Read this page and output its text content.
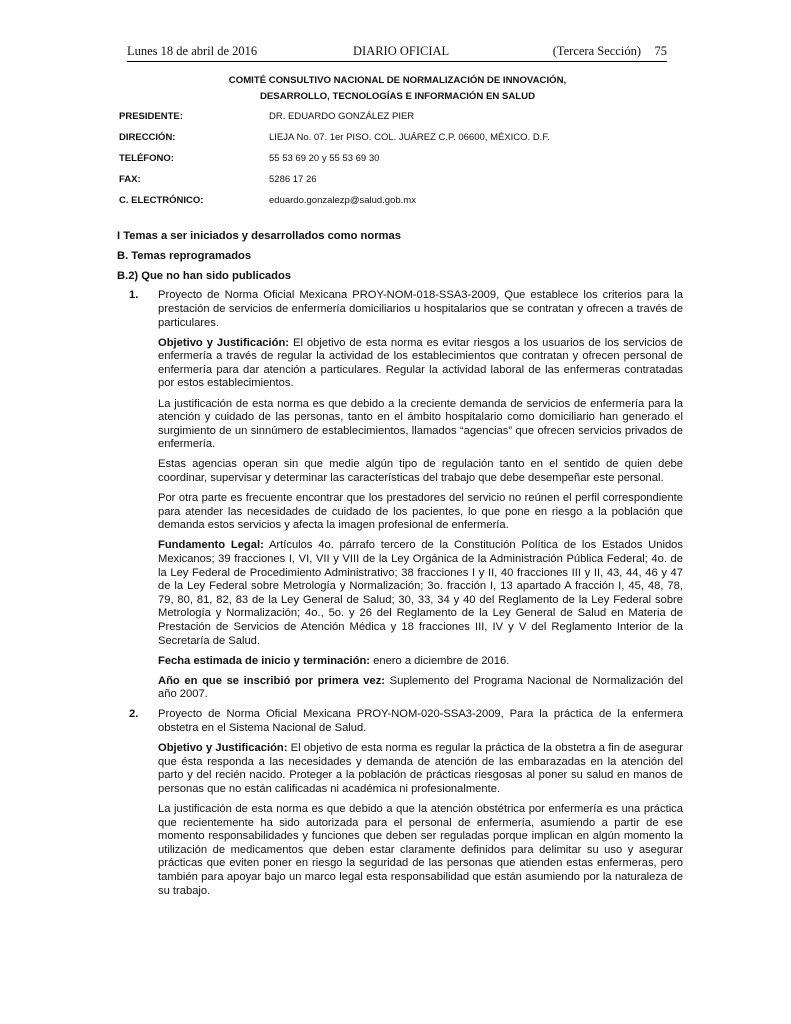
Lunes 18 de abril de 2016	DIARIO OFICIAL	(Tercera Sección) 75
COMITÉ CONSULTIVO NACIONAL DE NORMALIZACIÓN DE INNOVACIÓN,
DESARROLLO, TECNOLOGÍAS E INFORMACIÓN EN SALUD
PRESIDENTE:	DR. EDUARDO GONZÁLEZ PIER
DIRECCIÓN:	LIEJA No. 07. 1er PISO. COL. JUÁREZ C.P. 06600, MÉXICO. D.F.
TELÉFONO:	55 53 69 20 y 55 53 69 30
FAX:	5286 17 26
C. ELECTRÓNICO:	eduardo.gonzalezp@salud.gob.mx
I Temas a ser iniciados y desarrollados como normas
B. Temas reprogramados
B.2) Que no han sido publicados
1. Proyecto de Norma Oficial Mexicana PROY-NOM-018-SSA3-2009, Que establece los criterios para la prestación de servicios de enfermería domiciliarios u hospitalarios que se contratan y ofrecen a través de particulares.

Objetivo y Justificación: El objetivo de esta norma es evitar riesgos a los usuarios de los servicios de enfermería a través de regular la actividad de los establecimientos que contratan y ofrecen personal de enfermería para dar atención a particulares. Regular la actividad laboral de las enfermeras contratadas por estos establecimientos.

La justificación de esta norma es que debido a la creciente demanda de servicios de enfermería para la atención y cuidado de las personas, tanto en el ámbito hospitalario como domiciliario han generado el surgimiento de un sinnúmero de establecimientos, llamados “agencias” que ofrecen servicios privados de enfermería.

Estas agencias operan sin que medie algún tipo de regulación tanto en el sentido de quien debe coordinar, supervisar y determinar las características del trabajo que debe desempeñar este personal.

Por otra parte es frecuente encontrar que los prestadores del servicio no reúnen el perfil correspondiente para atender las necesidades de cuidado de los pacientes, lo que pone en riesgo a la población que demanda estos servicios y afecta la imagen profesional de enfermería.

Fundamento Legal: Artículos 4o. párrafo tercero de la Constitución Política de los Estados Unidos Mexicanos; 39 fracciones I, VI, VII y VIII de la Ley Orgánica de la Administración Pública Federal; 4o. de la Ley Federal de Procedimiento Administrativo; 38 fracciones I y II, 40 fracciones III y II, 43, 44, 46 y 47 de la Ley Federal sobre Metrología y Normalización; 3o. fracción I, 13 apartado A fracción I, 45, 48, 78, 79, 80, 81, 82, 83 de la Ley General de Salud; 30, 33, 34 y 40 del Reglamento de la Ley Federal sobre Metrología y Normalización; 4o., 5o. y 26 del Reglamento de la Ley General de Salud en Materia de Prestación de Servicios de Atención Médica y 18 fracciones III, IV y V del Reglamento Interior de la Secretaría de Salud.

Fecha estimada de inicio y terminación: enero a diciembre de 2016.

Año en que se inscribió por primera vez: Suplemento del Programa Nacional de Normalización del año 2007.

2. Proyecto de Norma Oficial Mexicana PROY-NOM-020-SSA3-2009, Para la práctica de la enfermera obstetra en el Sistema Nacional de Salud.

Objetivo y Justificación: El objetivo de esta norma es regular la práctica de la obstetra a fin de asegurar que ésta responda a las necesidades y demanda de atención de las embarazadas en la atención del parto y del recién nacido. Proteger a la población de prácticas riesgosas al poner su salud en manos de personas que no están calificadas ni académica ni profesionalmente.

La justificación de esta norma es que debido a que la atención obstétrica por enfermería es una práctica que recientemente ha sido autorizada para el personal de enfermería, asumiendo a partir de ese momento responsabilidades y funciones que deben ser reguladas porque implican en algún momento la utilización de medicamentos que deben estar claramente definidos para delimitar su uso y asegurar prácticas que eviten poner en riesgo la seguridad de las personas que atienden estas enfermeras, pero también para apoyar bajo un marco legal esta responsabilidad que están asumiendo por la naturaleza de su trabajo.
